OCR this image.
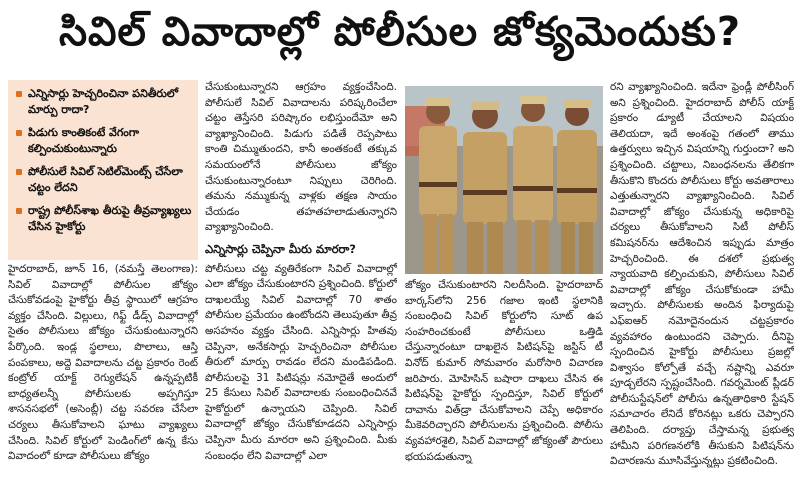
సివిల్ వివాదాల్లో పోలీసుల జోక్యమెందుకు?
ఎన్నిసార్లు హెచ్చరించినా పనితీరులో మార్పు రాదా?
పిడుగు కాంతికంటే వేగంగా కల్పించుకుంటున్నారు
పోలీసులే సివిల్ సెటిల్‌మెంట్స్ చేసేలా చట్టం లేదని
రాష్ట్ర పోలీస్‌శాఖ తీరుపై తీవ్రవ్యాఖ్యలు చేసిన హైకోర్టు

హైదరాబాద్, జూన్ 16, (నమస్తే తెలంగాణ): సివిల్ వివాదాల్లో పోలీసుల జోక్యం చేసుకోవడంపై హైకోర్టు తీవ్ర స్థాయిలో ఆగ్రహం వ్యక్తం చేసింది. విల్లులు, గిఫ్ట్ డీడ్స్ వివాదాల్లో సైతం పోలీసులు జోక్యం చేసుకుంటున్నారని పేర్కొంది. ఇండ్ల స్థలాలు, పొలాలు, ఆస్తి పంపకాలు, అద్దె వివాదాలను చట్ట ప్రకారం రెంట్ కంట్రోల్ యాక్ట్ రెగ్యులేషన్ ఉన్నప్పటికీ బాధ్యతలన్నీ పోలీసులకు అప్పగిస్తూ శాసనసభలో (అసెంబ్లీ) చట్ట సవరణ చేసేలా చర్యలు తీసుకోవాలని ఘాటు వ్యాఖ్యలు చేసింది. సివిల్ కోర్టులో పెండింగ్‌లో ఉన్న కేసు వివాదంలో కూడా పోలీసులు జోక్యం

చేసుకుంటున్నారని ఆగ్రహం వ్యక్తంచేసింది. పోలీసులే సివిల్ వివాదాలను పరిష్కరించేలా చట్టం తెస్తేసరి పరిష్కారం లభిస్తుందేమో అని వ్యాఖ్యానించింది. పిడుగు పడితే రెప్పపాటు కాంతి చిమ్ముతుందని, కానీ అంతకంటే తక్కువ సమయంలోనే పోలీసులు జోక్యం చేసుకుంటున్నారంటూ నిప్పులు చెరిగింది. తమను నమ్ముకున్న వాళ్లకు తక్షణ సాయం చేయడం తహతహలాడుతున్నారని వ్యాఖ్యానించింది.

ఎన్నిసార్లు చెప్పినా మీరు మారరా?

పోలీసులు చట్ట వ్యతిరేకంగా సివిల్ వివాదాల్లో ఎలా జోక్యం చేసుకుంటారని ప్రశ్నించింది. కోర్టులో దాఖలయ్యే సివిల్ వివాదాల్లో 70 శాతం పోలీసుల ప్రమేయం ఉంటోందని తెలుపుతూ తీవ్ర అసహనం వ్యక్తం చేసింది. ఎన్నిసార్లు హితవు చెప్పినా, అనేకసార్లు హెచ్చరించినా పోలీసుల తీరులో మార్పు రావడం లేదని మండిపడింది. పోలీసులపై 31 పిటిషన్లు నమోదైతే అందులో 25 కేసులు సివిల్ వివాదాలకు సంబంధించినవే హైకోర్టులో ఉన్నాయని చెప్పింది. సివిల్ వివాదాల్లో జోక్యం చేసుకోకూడదని ఎన్నిసార్లు చెప్పినా మీరు మారరా అని ప్రశ్నించింది. మీకు సంబంధం లేని వివాదాల్లో ఎలా

జోక్యం చేసుకుంటారని నిలదీసింది. హైదరాబాద్ బార్కస్‌లోని 256 గజాల ఇంటి స్థలానికి సంబంధించి సివిల్ కోర్టులోని సూట్ ఉప సంహరించకుంటే పోలీసులు ఒత్తిడి చేస్తున్నారంటూ దాఖలైన పిటిషన్‌పై జస్టిస్ టీ వినోద్ కుమార్ సోమవారం మరోసారి విచారణ జరిపారు. మోహిసిన్ బషారా దాఖలు చేసిన ఈ పిటిషన్‌పై హైకోర్టు స్పందిస్తూ, సివిల్ కోర్టులో దావాను విత్‌డ్రా చేసుకోవాలని చెప్పే అధికారం మీకెవరిచ్చారని పోలీసులను ప్రశ్నించింది. పోలీసు వ్యవహారశైలి, సివిల్ వివాదాల్లో జోక్యంతో పౌరులు భయపడుతున్నా

రని వ్యాఖ్యానించింది. ఇదేనా ఫ్రెండ్లీ పోలీసింగ్ అని ప్రశ్నించింది. హైదరాబాద్ పోలీస్ యాక్ట్ ప్రకారం డ్యూటీ చేయాలని విషయం తెలియదా, ఇదే అంశంపై గతంలో తాము ఉత్తర్వులు ఇచ్చిన విషయాన్ని గుర్తుందా? అని ప్రశ్నించింది. చట్టాలు, నిబంధనలను తేలికగా తీసుకొని కొందరు పోలీసులు కోర్టు అవతారాలు ఎత్తుతున్నారని వ్యాఖ్యానించింది. సివిల్ వివాదాల్లో జోక్యం చేసుకున్న అధికారిపై చర్యలు తీసుకోవాలని సిటీ పోలీస్ కమిషనర్‌ను ఆదేశించిన ఇప్పుడు మాత్రం హెచ్చరించింది. ఈ దశలో ప్రభుత్వ న్యాయవాది కల్పించుకుని, పోలీసులు సివిల్ వివాదాల్లో జోక్యం చేసుకోకుండా హామీ ఇచ్చారు. పోలీసులకు అందిన ఫిర్యాదుపై ఎఫ్ఐఆర్ నమోదైనందున చట్టప్రకారం వ్యవహారం ఉంటుందని చెప్పారు. దీనిపై స్పందించిన హైకోర్టు పోలీసులు ప్రజల్లో విశ్వాసం కోల్పోతే వచ్చే నష్టాన్ని ఎవరూ పూడ్చలేరని స్పష్టంచేసింది. గవర్నమెంట్ ప్లీడర్ పోలీసుస్టేషన్‌లో పోలీసు ఉన్నతాధికారి స్టేషన్ సమాచారం లేనిదే కోరినట్లు ఒకరు చెప్పారని తెలిపింది. దర్యాప్తు చేస్తామన్న ప్రభుత్వ హామీని పరిగణనలోకి తీసుకుని పిటిషన్‌ను విచారణను మూసివేస్తున్నట్లు ప్రకటించింది.
